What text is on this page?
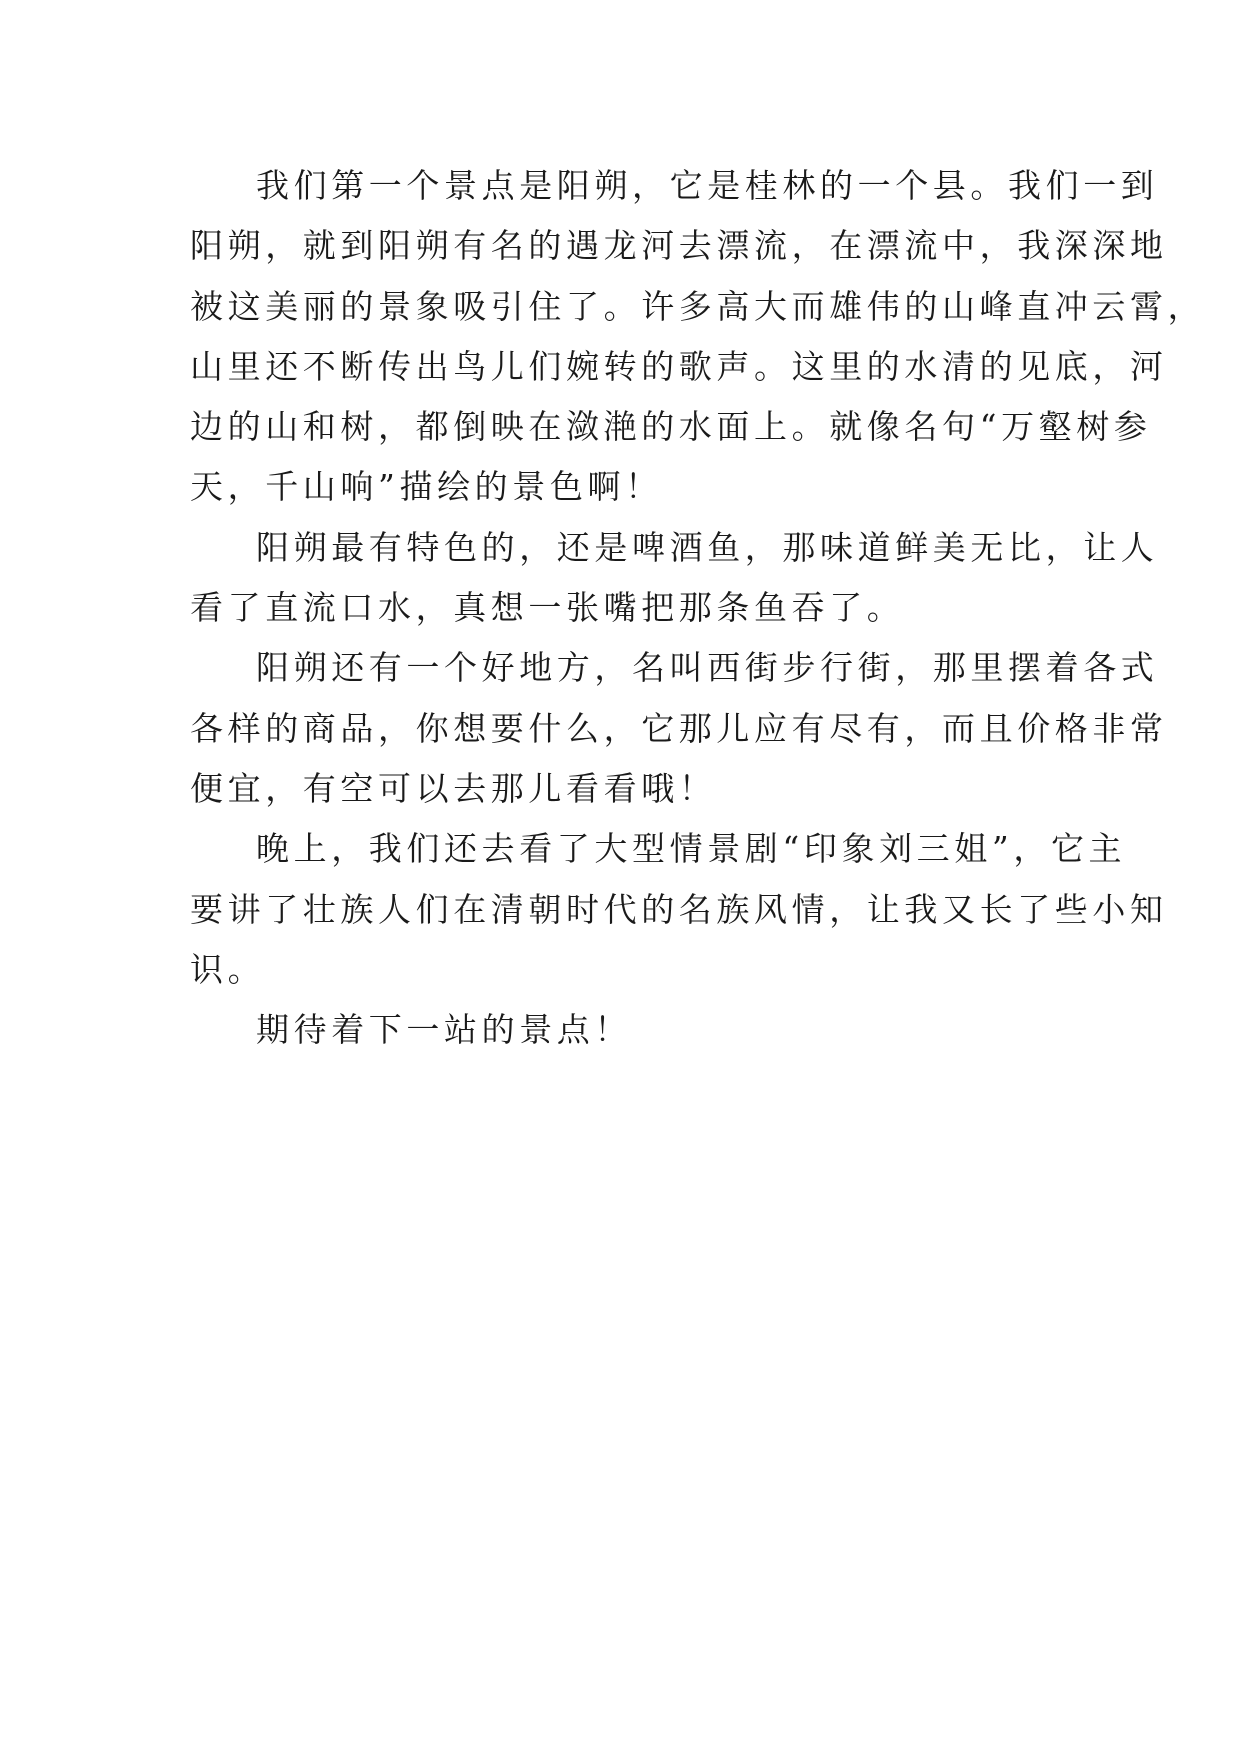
我们第一个景点是阳朔，它是桂林的一个县。我们一到
阳朔，就到阳朔有名的遇龙河去漂流，在漂流中，我深深地
被这美丽的景象吸引住了。许多高大而雄伟的山峰直冲云霄，
山里还不断传出鸟儿们婉转的歌声。这里的水清的见底，河
边的山和树，都倒映在潋滟的水面上。就像名句“万壑树参
天，千山响”描绘的景色啊！
阳朔最有特色的，还是啤酒鱼，那味道鲜美无比，让人
看了直流口水，真想一张嘴把那条鱼吞了。
阳朔还有一个好地方，名叫西街步行街，那里摆着各式
各样的商品，你想要什么，它那儿应有尽有，而且价格非常
便宜，有空可以去那儿看看哦！
晚上，我们还去看了大型情景剧“印象刘三姐”，它主
要讲了壮族人们在清朝时代的名族风情，让我又长了些小知
识。
期待着下一站的景点！
